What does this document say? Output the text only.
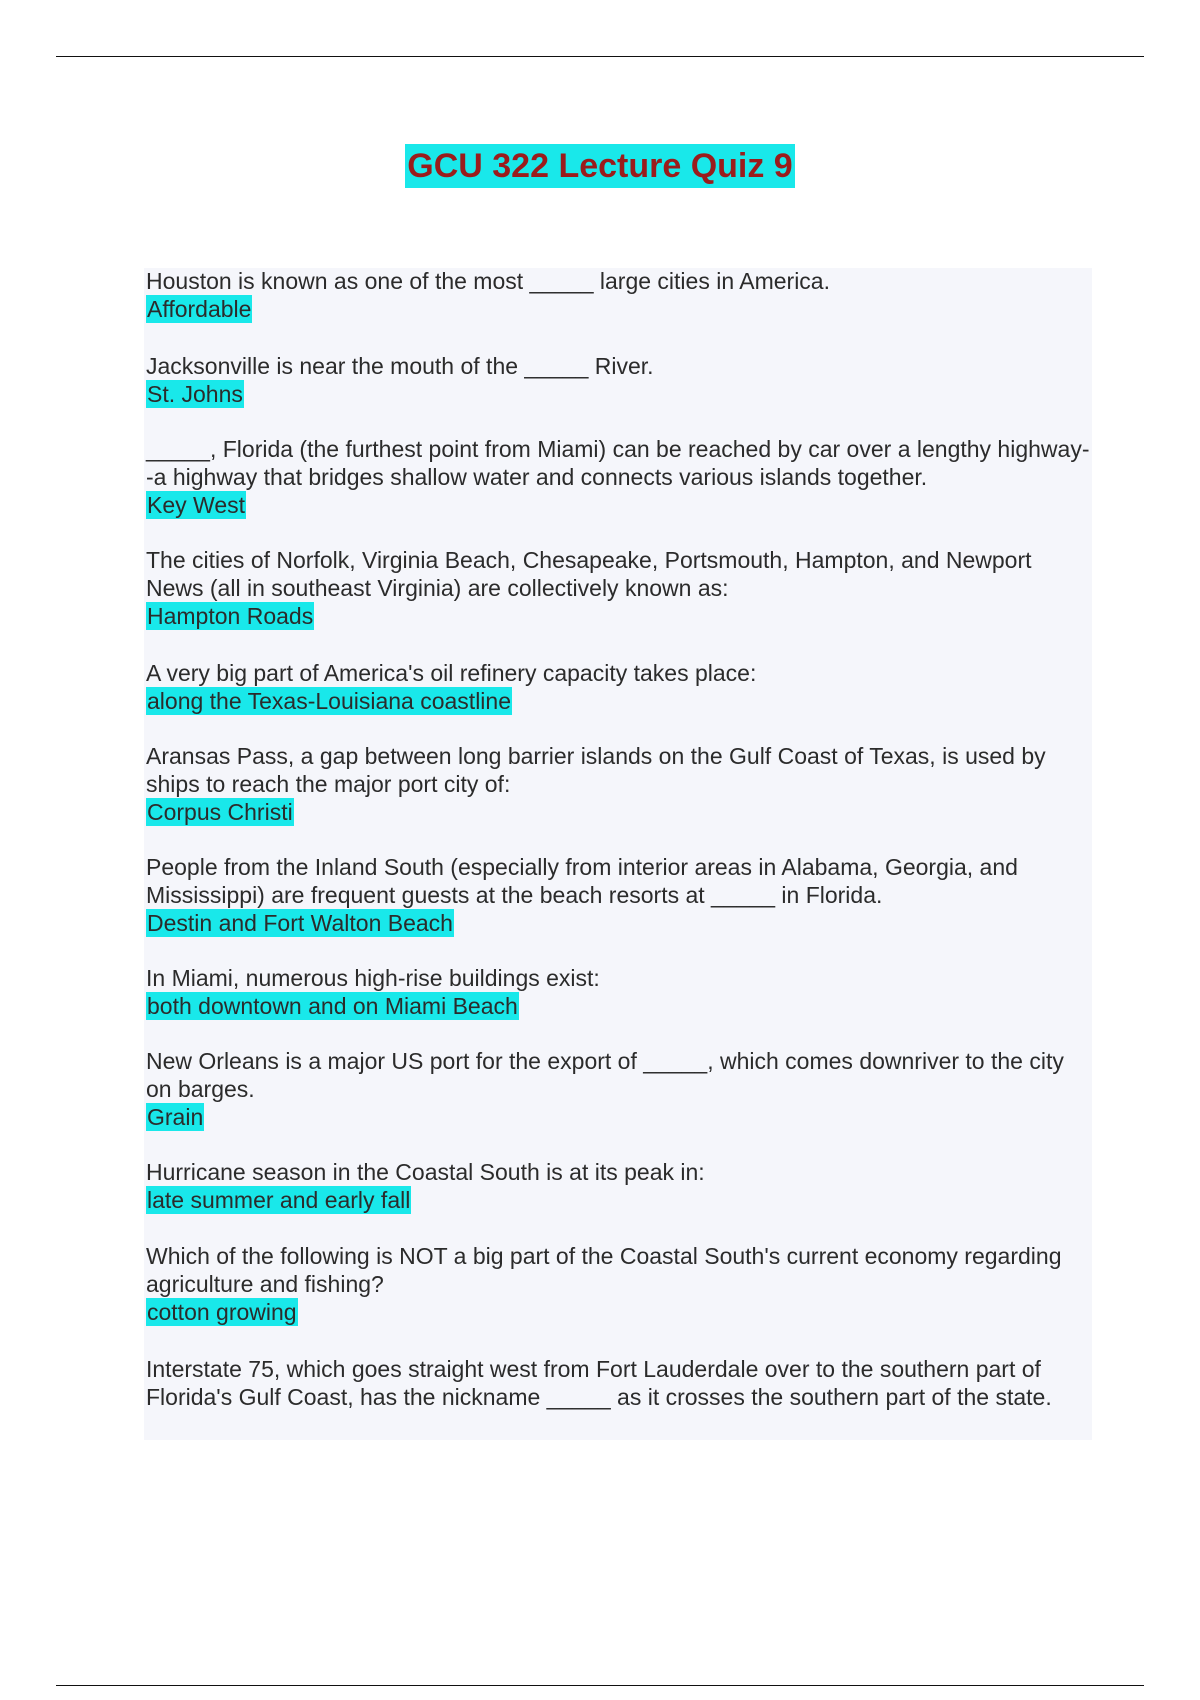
GCU 322 Lecture Quiz 9
Houston is known as one of the most _____ large cities in America.
Affordable
Jacksonville is near the mouth of the _____ River.
St. Johns
_____, Florida (the furthest point from Miami) can be reached by car over a lengthy highway--a highway that bridges shallow water and connects various islands together.
Key West
The cities of Norfolk, Virginia Beach, Chesapeake, Portsmouth, Hampton, and Newport News (all in southeast Virginia) are collectively known as:
Hampton Roads
A very big part of America's oil refinery capacity takes place:
along the Texas-Louisiana coastline
Aransas Pass, a gap between long barrier islands on the Gulf Coast of Texas, is used by ships to reach the major port city of:
Corpus Christi
People from the Inland South (especially from interior areas in Alabama, Georgia, and Mississippi) are frequent guests at the beach resorts at _____ in Florida.
Destin and Fort Walton Beach
In Miami, numerous high-rise buildings exist:
both downtown and on Miami Beach
New Orleans is a major US port for the export of _____, which comes downriver to the city on barges.
Grain
Hurricane season in the Coastal South is at its peak in:
late summer and early fall
Which of the following is NOT a big part of the Coastal South's current economy regarding agriculture and fishing?
cotton growing
Interstate 75, which goes straight west from Fort Lauderdale over to the southern part of Florida's Gulf Coast, has the nickname _____ as it crosses the southern part of the state.
